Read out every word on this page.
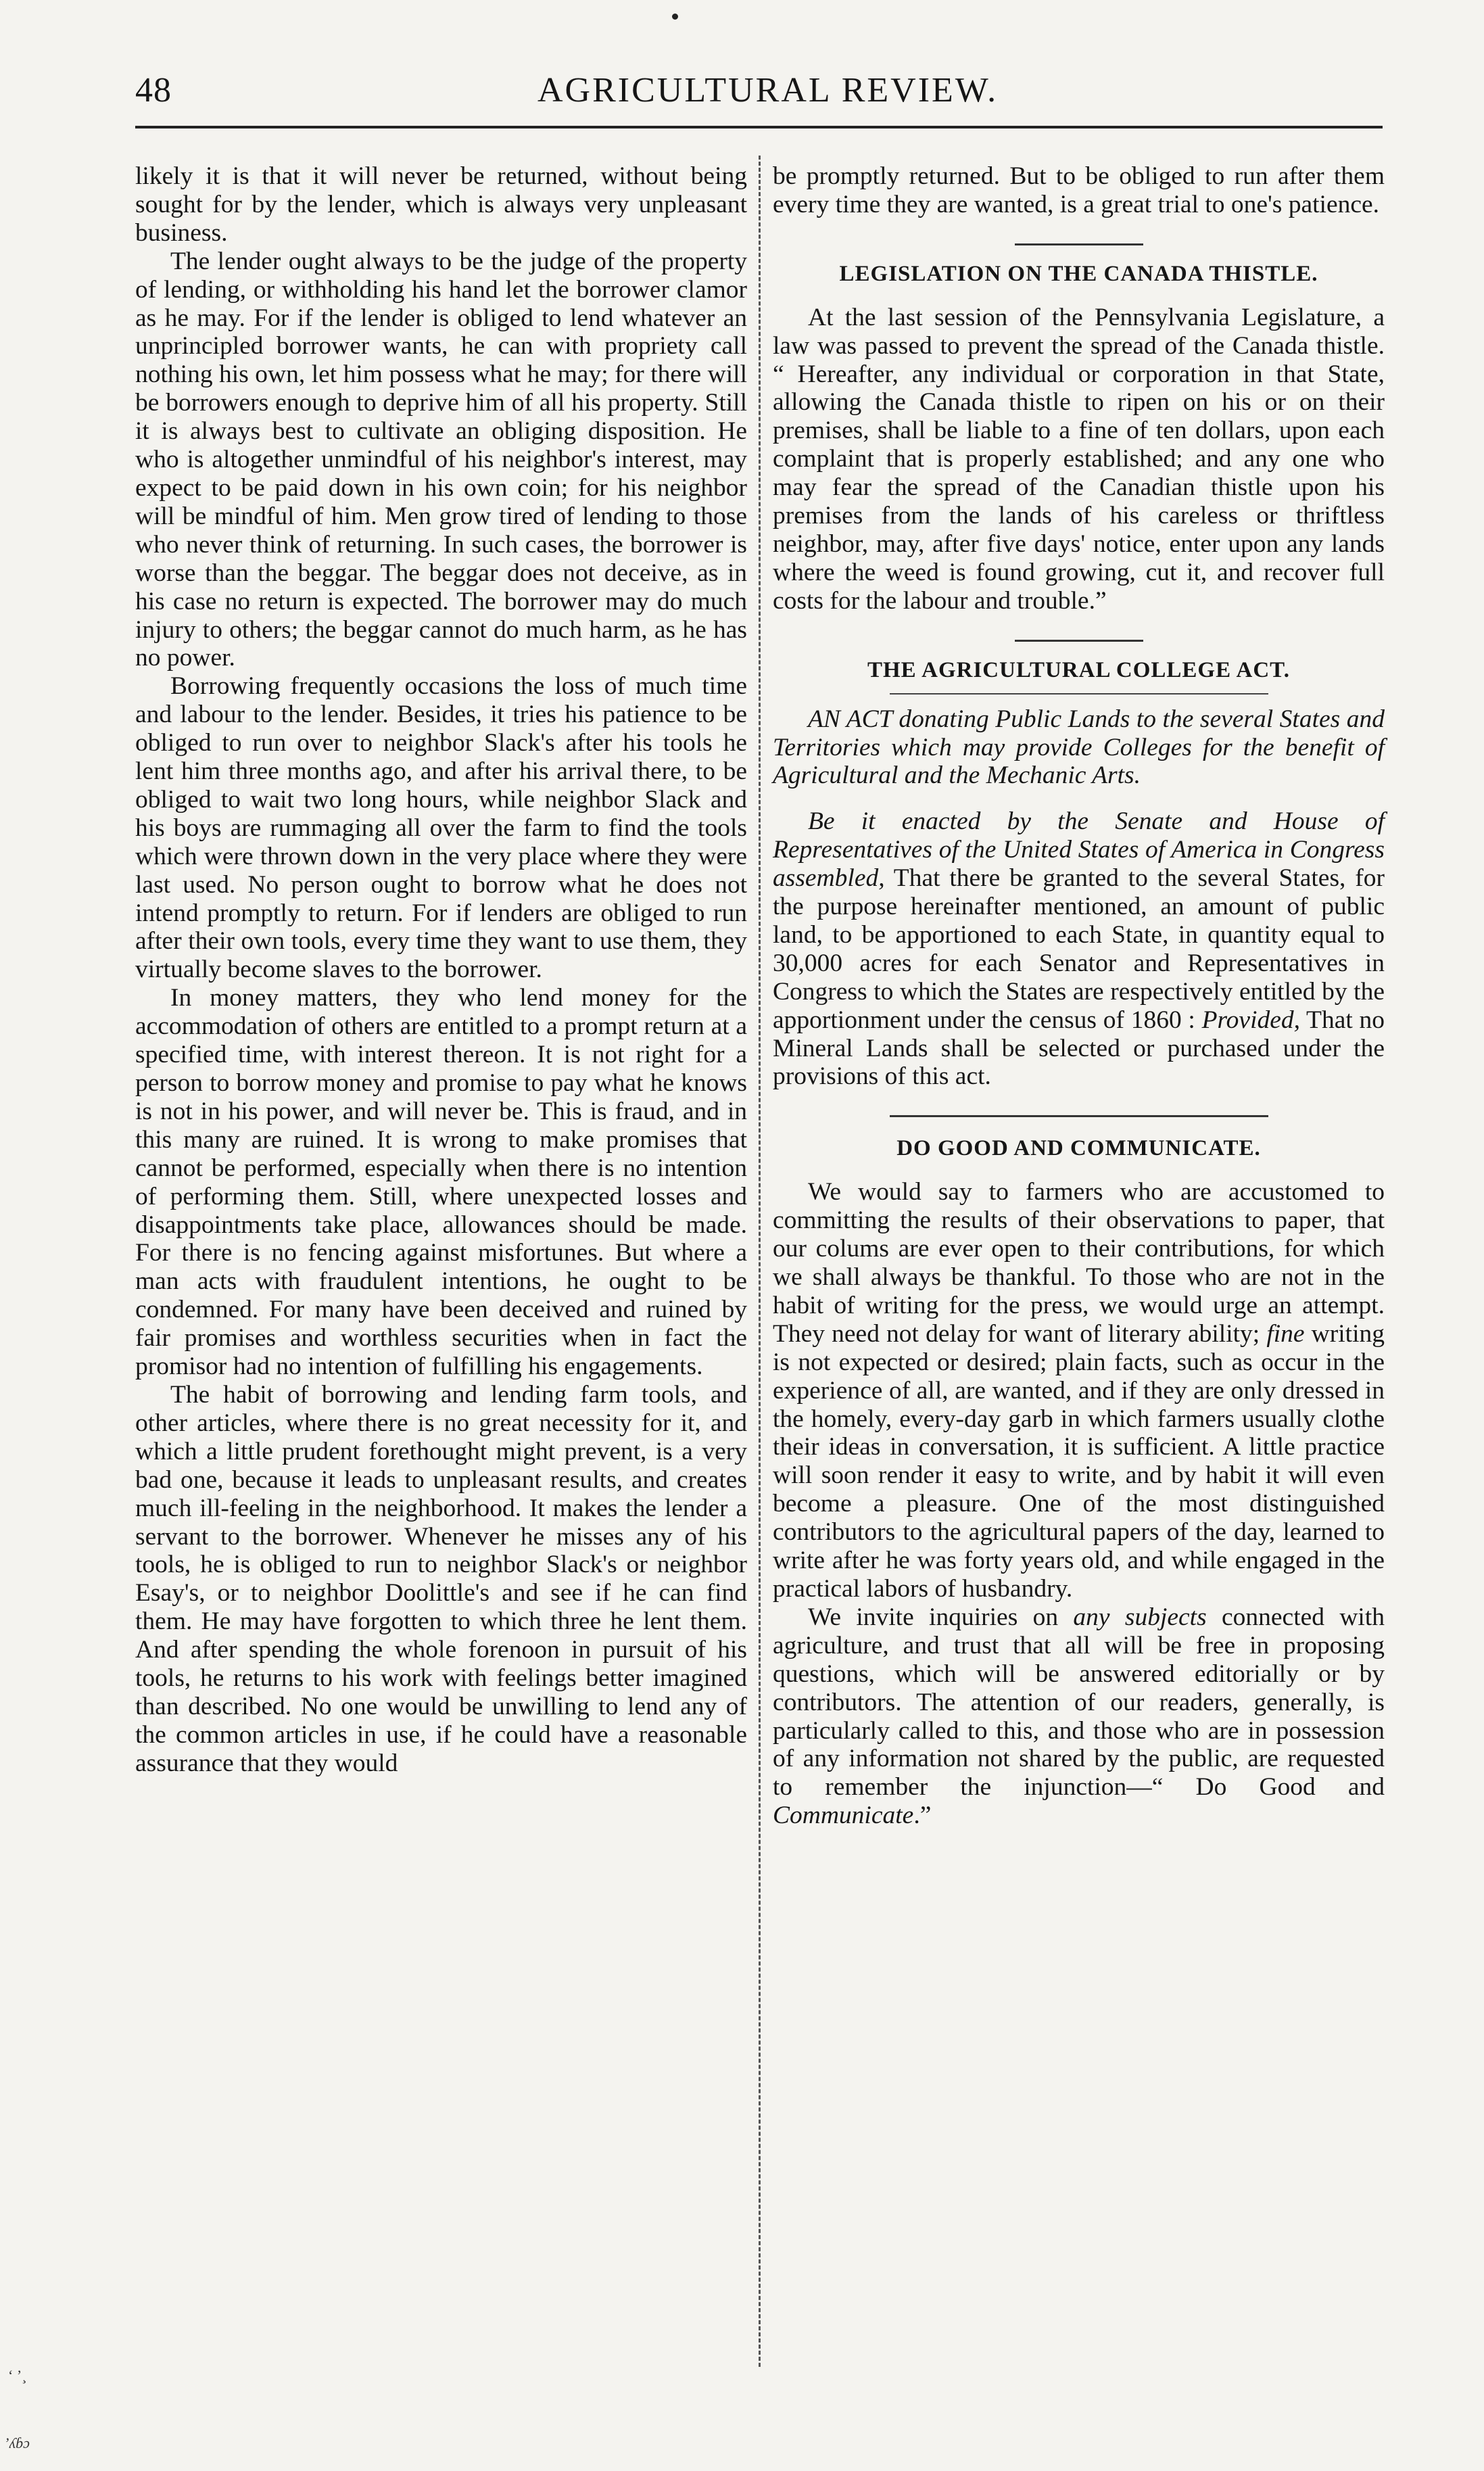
48	AGRICULTURAL REVIEW.

likely it is that it will never be returned, without being sought for by the lender, which is always very unpleasant business.

The lender ought always to be the judge of the property of lending, or withholding his hand let the borrower clamor as he may. For if the lender is obliged to lend whatever an unprincipled borrower wants, he can with propriety call nothing his own, let him possess what he may; for there will be borrowers enough to deprive him of all his property. Still it is always best to cultivate an obliging disposition. He who is altogether unmindful of his neighbor's interest, may expect to be paid down in his own coin; for his neighbor will be mindful of him. Men grow tired of lending to those who never think of returning. In such cases, the borrower is worse than the beggar. The beggar does not deceive, as in his case no return is expected. The borrower may do much injury to others; the beggar cannot do much harm, as he has no power.

Borrowing frequently occasions the loss of much time and labour to the lender. Besides, it tries his patience to be obliged to run over to neighbor Slack's after his tools he lent him three months ago, and after his arrival there, to be obliged to wait two long hours, while neighbor Slack and his boys are rummaging all over the farm to find the tools which were thrown down in the very place where they were last used. No person ought to borrow what he does not intend promptly to return. For if lenders are obliged to run after their own tools, every time they want to use them, they virtually become slaves to the borrower.

In money matters, they who lend money for the accommodation of others are entitled to a prompt return at a specified time, with interest thereon. It is not right for a person to borrow money and promise to pay what he knows is not in his power, and will never be. This is fraud, and in this many are ruined. It is wrong to make promises that cannot be performed, especially when there is no intention of performing them. Still, where unexpected losses and disappointments take place, allowances should be made. For there is no fencing against misfortunes. But where a man acts with fraudulent intentions, he ought to be condemned. For many have been deceived and ruined by fair promises and worthless securities when in fact the promisor had no intention of fulfilling his engagements.

The habit of borrowing and lending farm tools, and other articles, where there is no great necessity for it, and which a little prudent forethought might prevent, is a very bad one, because it leads to unpleasant results, and creates much ill-feeling in the neighborhood. It makes the lender a servant to the borrower. Whenever he misses any of his tools, he is obliged to run to neighbor Slack's or neighbor Esay's, or to neighbor Doolittle's and see if he can find them. He may have forgotten to which three he lent them. And after spending the whole forenoon in pursuit of his tools, he returns to his work with feelings better imagined than described. No one would be unwilling to lend any of the common articles in use, if he could have a reasonable assurance that they would

be promptly returned. But to be obliged to run after them every time they are wanted, is a great trial to one's patience.

LEGISLATION ON THE CANADA THISTLE.

At the last session of the Pennsylvania Legislature, a law was passed to prevent the spread of the Canada thistle. “ Hereafter, any individual or corporation in that State, allowing the Canada thistle to ripen on his or on their premises, shall be liable to a fine of ten dollars, upon each complaint that is properly established; and any one who may fear the spread of the Canadian thistle upon his premises from the lands of his careless or thriftless neighbor, may, after five days' notice, enter upon any lands where the weed is found growing, cut it, and recover full costs for the labour and trouble.”

THE AGRICULTURAL COLLEGE ACT.

AN ACT donating Public Lands to the several States and Territories which may provide Colleges for the benefit of Agricultural and the Mechanic Arts.

Be it enacted by the Senate and House of Representatives of the United States of America in Congress assembled, That there be granted to the several States, for the purpose hereinafter mentioned, an amount of public land, to be apportioned to each State, in quantity equal to 30,000 acres for each Senator and Representatives in Congress to which the States are respectively entitled by the apportionment under the census of 1860 : Provided, That no Mineral Lands shall be selected or purchased under the provisions of this act.

DO GOOD AND COMMUNICATE.

We would say to farmers who are accustomed to committing the results of their observations to paper, that our colums are ever open to their contributions, for which we shall always be thankful. To those who are not in the habit of writing for the press, we would urge an attempt. They need not delay for want of literary ability; fine writing is not expected or desired; plain facts, such as occur in the experience of all, are wanted, and if they are only dressed in the homely, every-day garb in which farmers usually clothe their ideas in conversation, it is sufficient. A little practice will soon render it easy to write, and by habit it will even become a pleasure. One of the most distinguished contributors to the agricultural papers of the day, learned to write after he was forty years old, and while engaged in the practical labors of husbandry.

We invite inquiries on any subjects connected with agriculture, and trust that all will be free in proposing questions, which will be answered editorially or by contributors. The attention of our readers, generally, is particularly called to this, and those who are in possession of any information not shared by the public, are requested to remember the injunction—“ Do Good and Communicate.”

‘ ’¸
’ʎɓɔ
